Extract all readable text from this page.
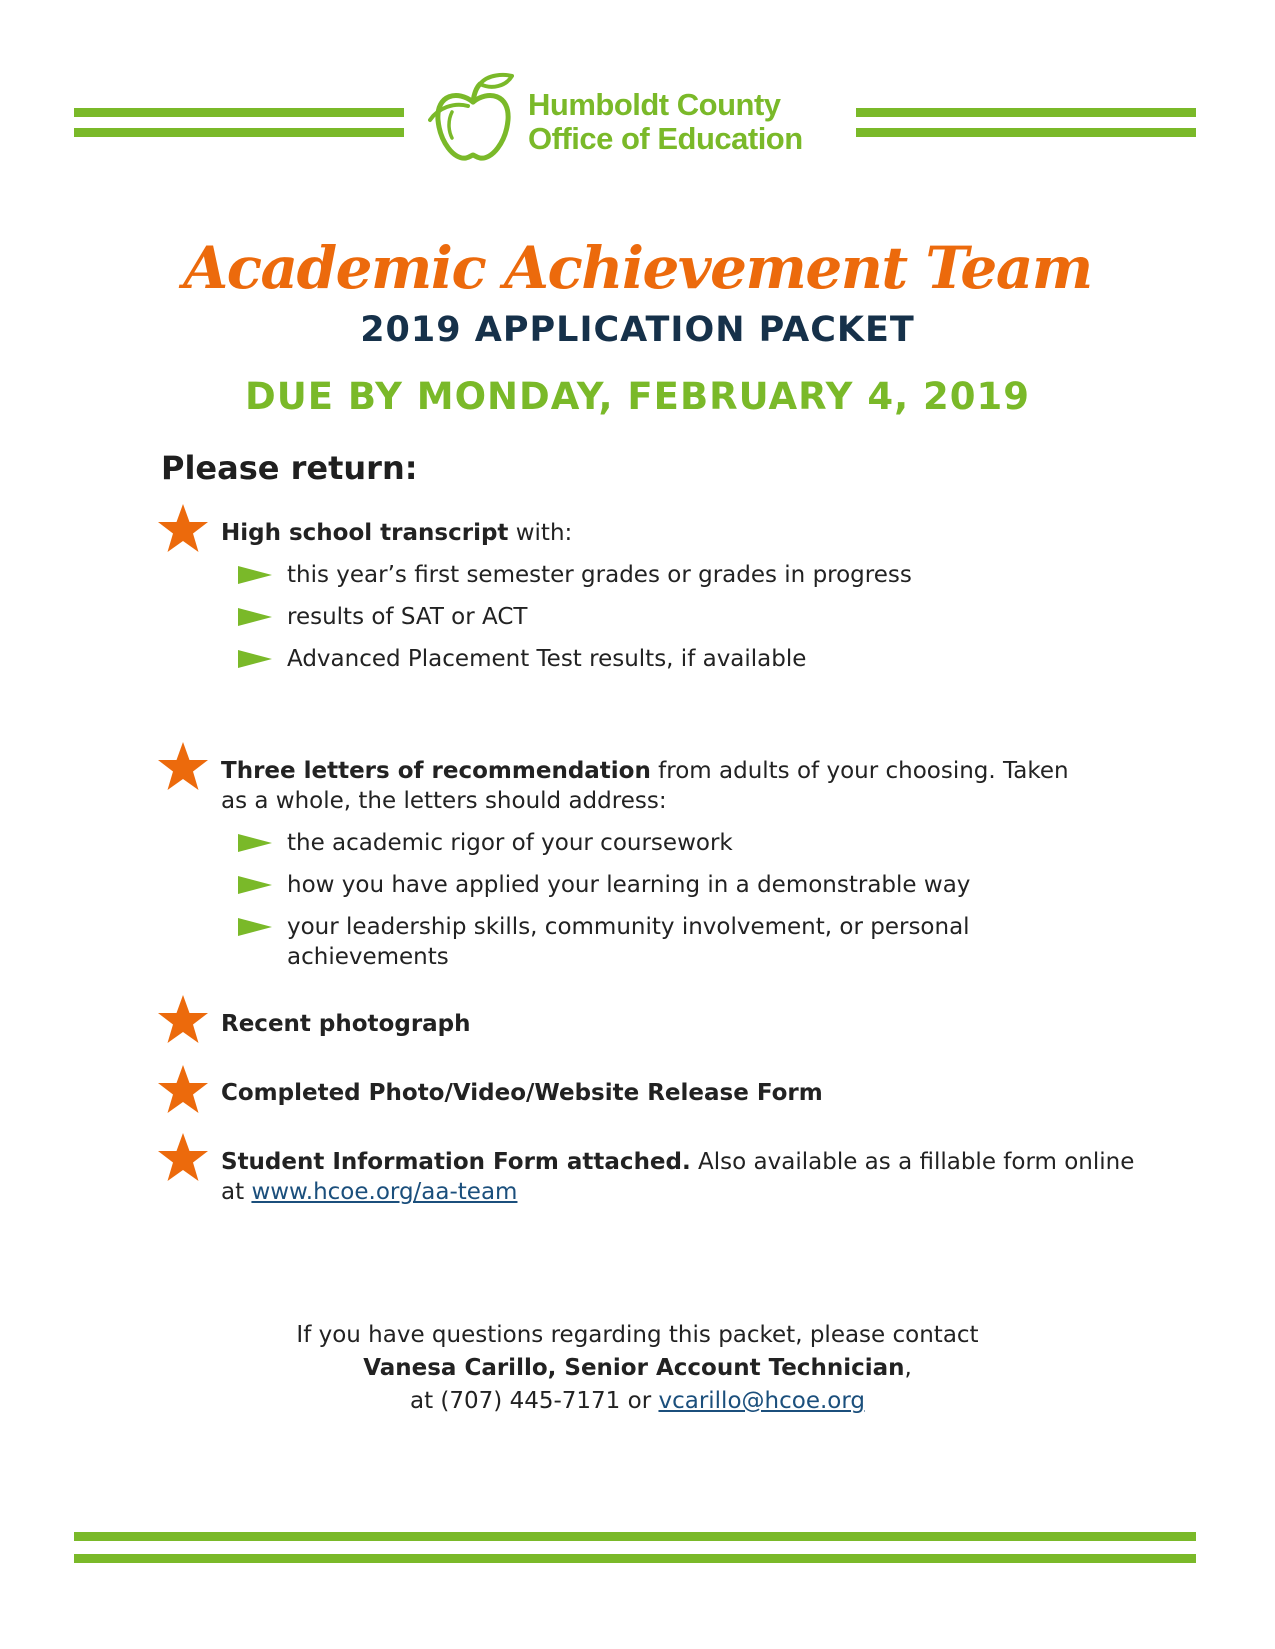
Humboldt County
Office of Education
Academic Achievement Team
2019 APPLICATION PACKET
DUE BY MONDAY, FEBRUARY 4, 2019
Please return:
High school transcript with:
this year’s first semester grades or grades in progress
results of SAT or ACT
Advanced Placement Test results, if available
Three letters of recommendation from adults of your choosing. Taken as a whole, the letters should address:
the academic rigor of your coursework
how you have applied your learning in a demonstrable way
your leadership skills, community involvement, or personal achievements
Recent photograph
Completed Photo/Video/Website Release Form
Student Information Form attached. Also available as a fillable form online at www.hcoe.org/aa-team
If you have questions regarding this packet, please contact
Vanesa Carillo, Senior Account Technician,
at (707) 445-7171 or vcarillo@hcoe.org
